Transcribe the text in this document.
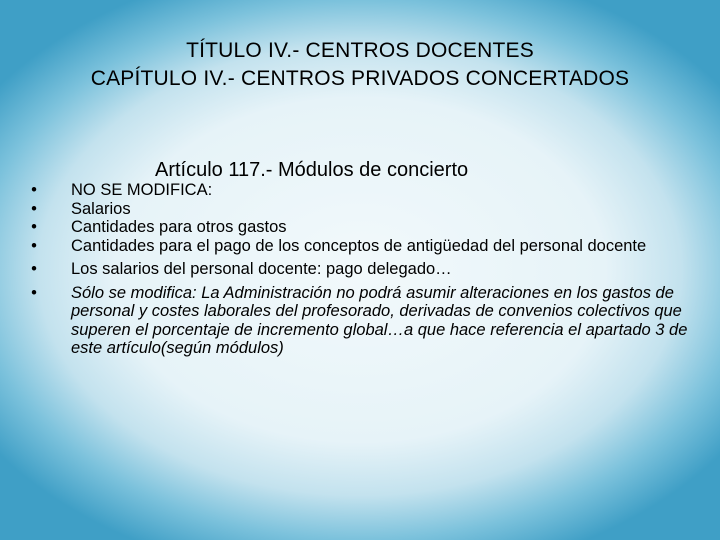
TÍTULO IV.- CENTROS DOCENTES
CAPÍTULO IV.- CENTROS PRIVADOS CONCERTADOS
Artículo 117.- Módulos de concierto
• NO SE MODIFICA:
• Salarios
• Cantidades para otros gastos
• Cantidades para el pago de los conceptos de antigüedad del personal docente
• Los salarios del personal docente: pago delegado…
• Sólo se modifica: La Administración no podrá asumir alteraciones en los gastos de personal y costes laborales del profesorado, derivadas de convenios colectivos que superen el porcentaje de incremento global…a que hace referencia el apartado 3 de este artículo(según módulos)
